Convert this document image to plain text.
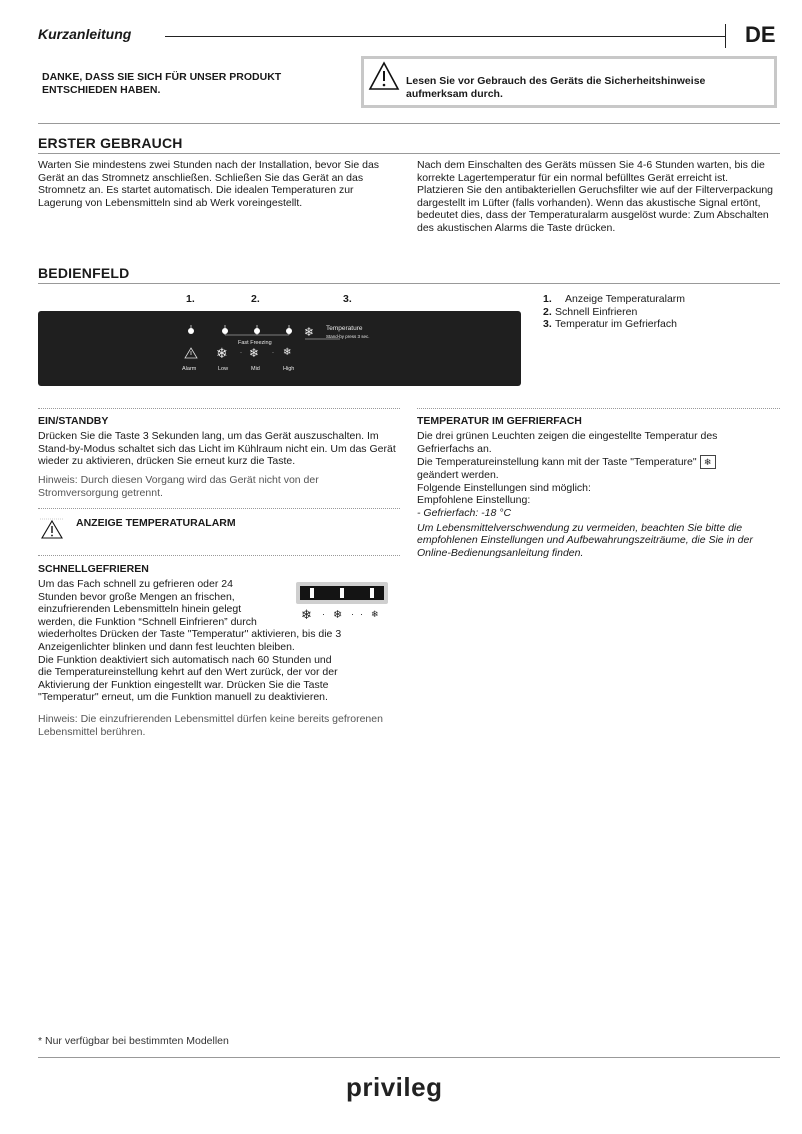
Kurzanleitung	DE
DANKE, DASS SIE SICH FÜR UNSER PRODUKT ENTSCHIEDEN HABEN.
Lesen Sie vor Gebrauch des Geräts die Sicherheitshinweise aufmerksam durch.
ERSTER GEBRAUCH
Warten Sie mindestens zwei Stunden nach der Installation, bevor Sie das Gerät an das Stromnetz anschließen. Schließen Sie das Gerät an das Stromnetz an. Es startet automatisch. Die idealen Temperaturen zur Lagerung von Lebensmitteln sind ab Werk voreingestellt.
Nach dem Einschalten des Geräts müssen Sie 4-6 Stunden warten, bis die korrekte Lagertemperatur für ein normal befülltes Gerät erreicht ist. Platzieren Sie den antibakteriellen Geruchsfilter wie auf der Filterverpackung dargestellt im Lüfter (falls vorhanden). Wenn das akustische Signal ertönt, bedeutet dies, dass der Temperaturalarm ausgelöst wurde: Zum Abschalten des akustischen Alarms die Taste drücken.
BEDIENFELD
1.	2.	3.
❄ · ❄ · ❄
Fast Freezing
❄ Temperature
Stand-by press 3 sec.
Alarm	Low	Mid	High
1. Anzeige Temperaturalarm
2. Schnell Einfrieren
3. Temperatur im Gefrierfach
EIN/STANDBY
Drücken Sie die Taste 3 Sekunden lang, um das Gerät auszuschalten. Im Stand-by-Modus schaltet sich das Licht im Kühlraum nicht ein. Um das Gerät wieder zu aktivieren, drücken Sie erneut kurz die Taste.
Hinweis: Durch diesen Vorgang wird das Gerät nicht von der Stromversorgung getrennt.
ANZEIGE TEMPERATURALARM
SCHNELLGEFRIEREN
Um das Fach schnell zu gefrieren oder 24
Stunden bevor große Mengen an frischen,
einzufrierenden Lebensmitteln hinein gelegt
werden, die Funktion “Schnell Einfrieren” durch
wiederholtes Drücken der Taste "Temperatur" aktivieren, bis die 3
Anzeigenlichter blinken und dann fest leuchten bleiben.
Die Funktion deaktiviert sich automatisch nach 60 Stunden und
die Temperatureinstellung kehrt auf den Wert zurück, der vor der
Aktivierung der Funktion eingestellt war. Drücken Sie die Taste
"Temperatur" erneut, um die Funktion manuell zu deaktivieren.
Hinweis: Die einzufrierenden Lebensmittel dürfen keine bereits gefrorenen Lebensmittel berühren.
❄ · ❄ · · ❄
TEMPERATUR IM GEFRIERFACH
Die drei grünen Leuchten zeigen die eingestellte Temperatur des Gefrierfachs an.
Die Temperatureinstellung kann mit der Taste "Temperature" ❄
geändert werden.
Folgende Einstellungen sind möglich:
Empfohlene Einstellung:
- Gefrierfach: -18 °C
Um Lebensmittelverschwendung zu vermeiden, beachten Sie bitte die empfohlenen Einstellungen und Aufbewahrungszeiträume, die Sie in der Online-Bedienungsanleitung finden.
* Nur verfügbar bei bestimmten Modellen
privileg
